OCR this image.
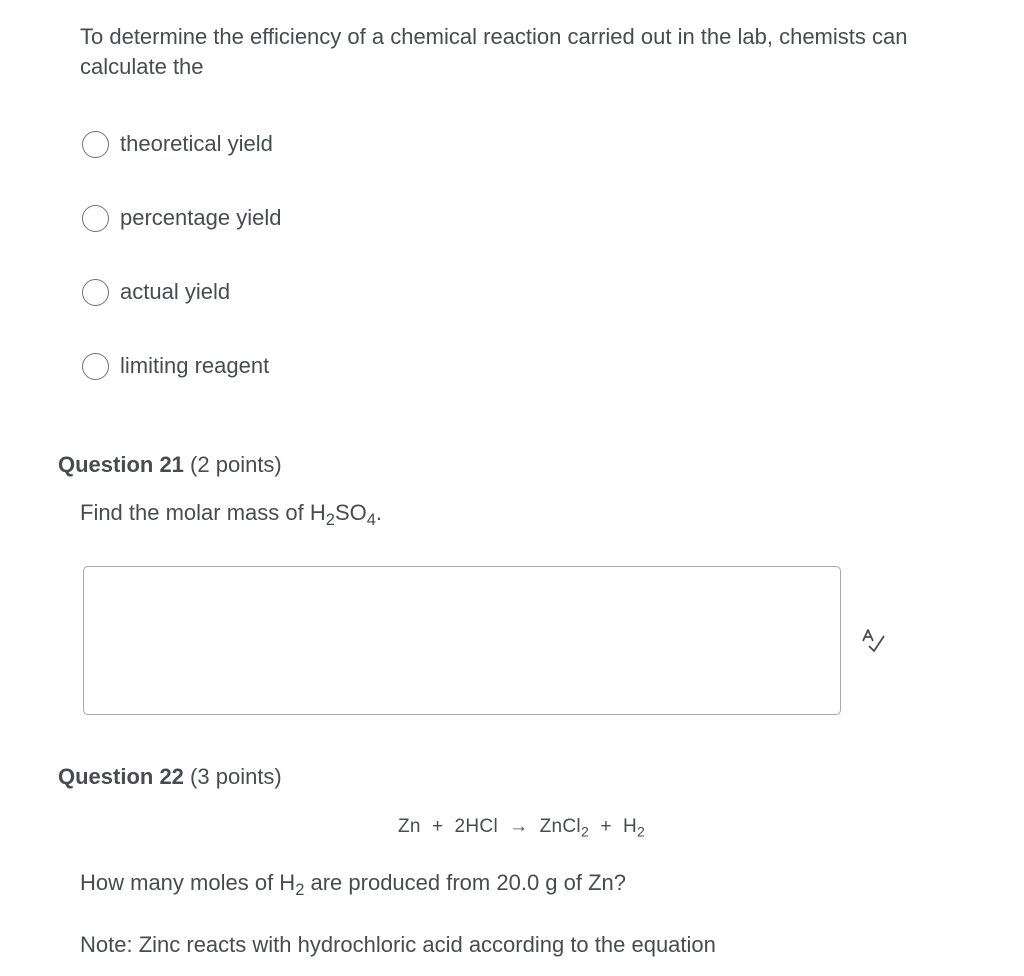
To determine the efficiency of a chemical reaction carried out in the lab, chemists can calculate the
theoretical yield
percentage yield
actual yield
limiting reagent
Question 21 (2 points)
Find the molar mass of $H_2SO_4$.
Question 22 (3 points)
Zn + 2HCl → ZnCl$_2$ + $H_2$
How many moles of $H_2$ are produced from 20.0 g of Zn?
Note: Zinc reacts with hydrochloric acid according to the equation
